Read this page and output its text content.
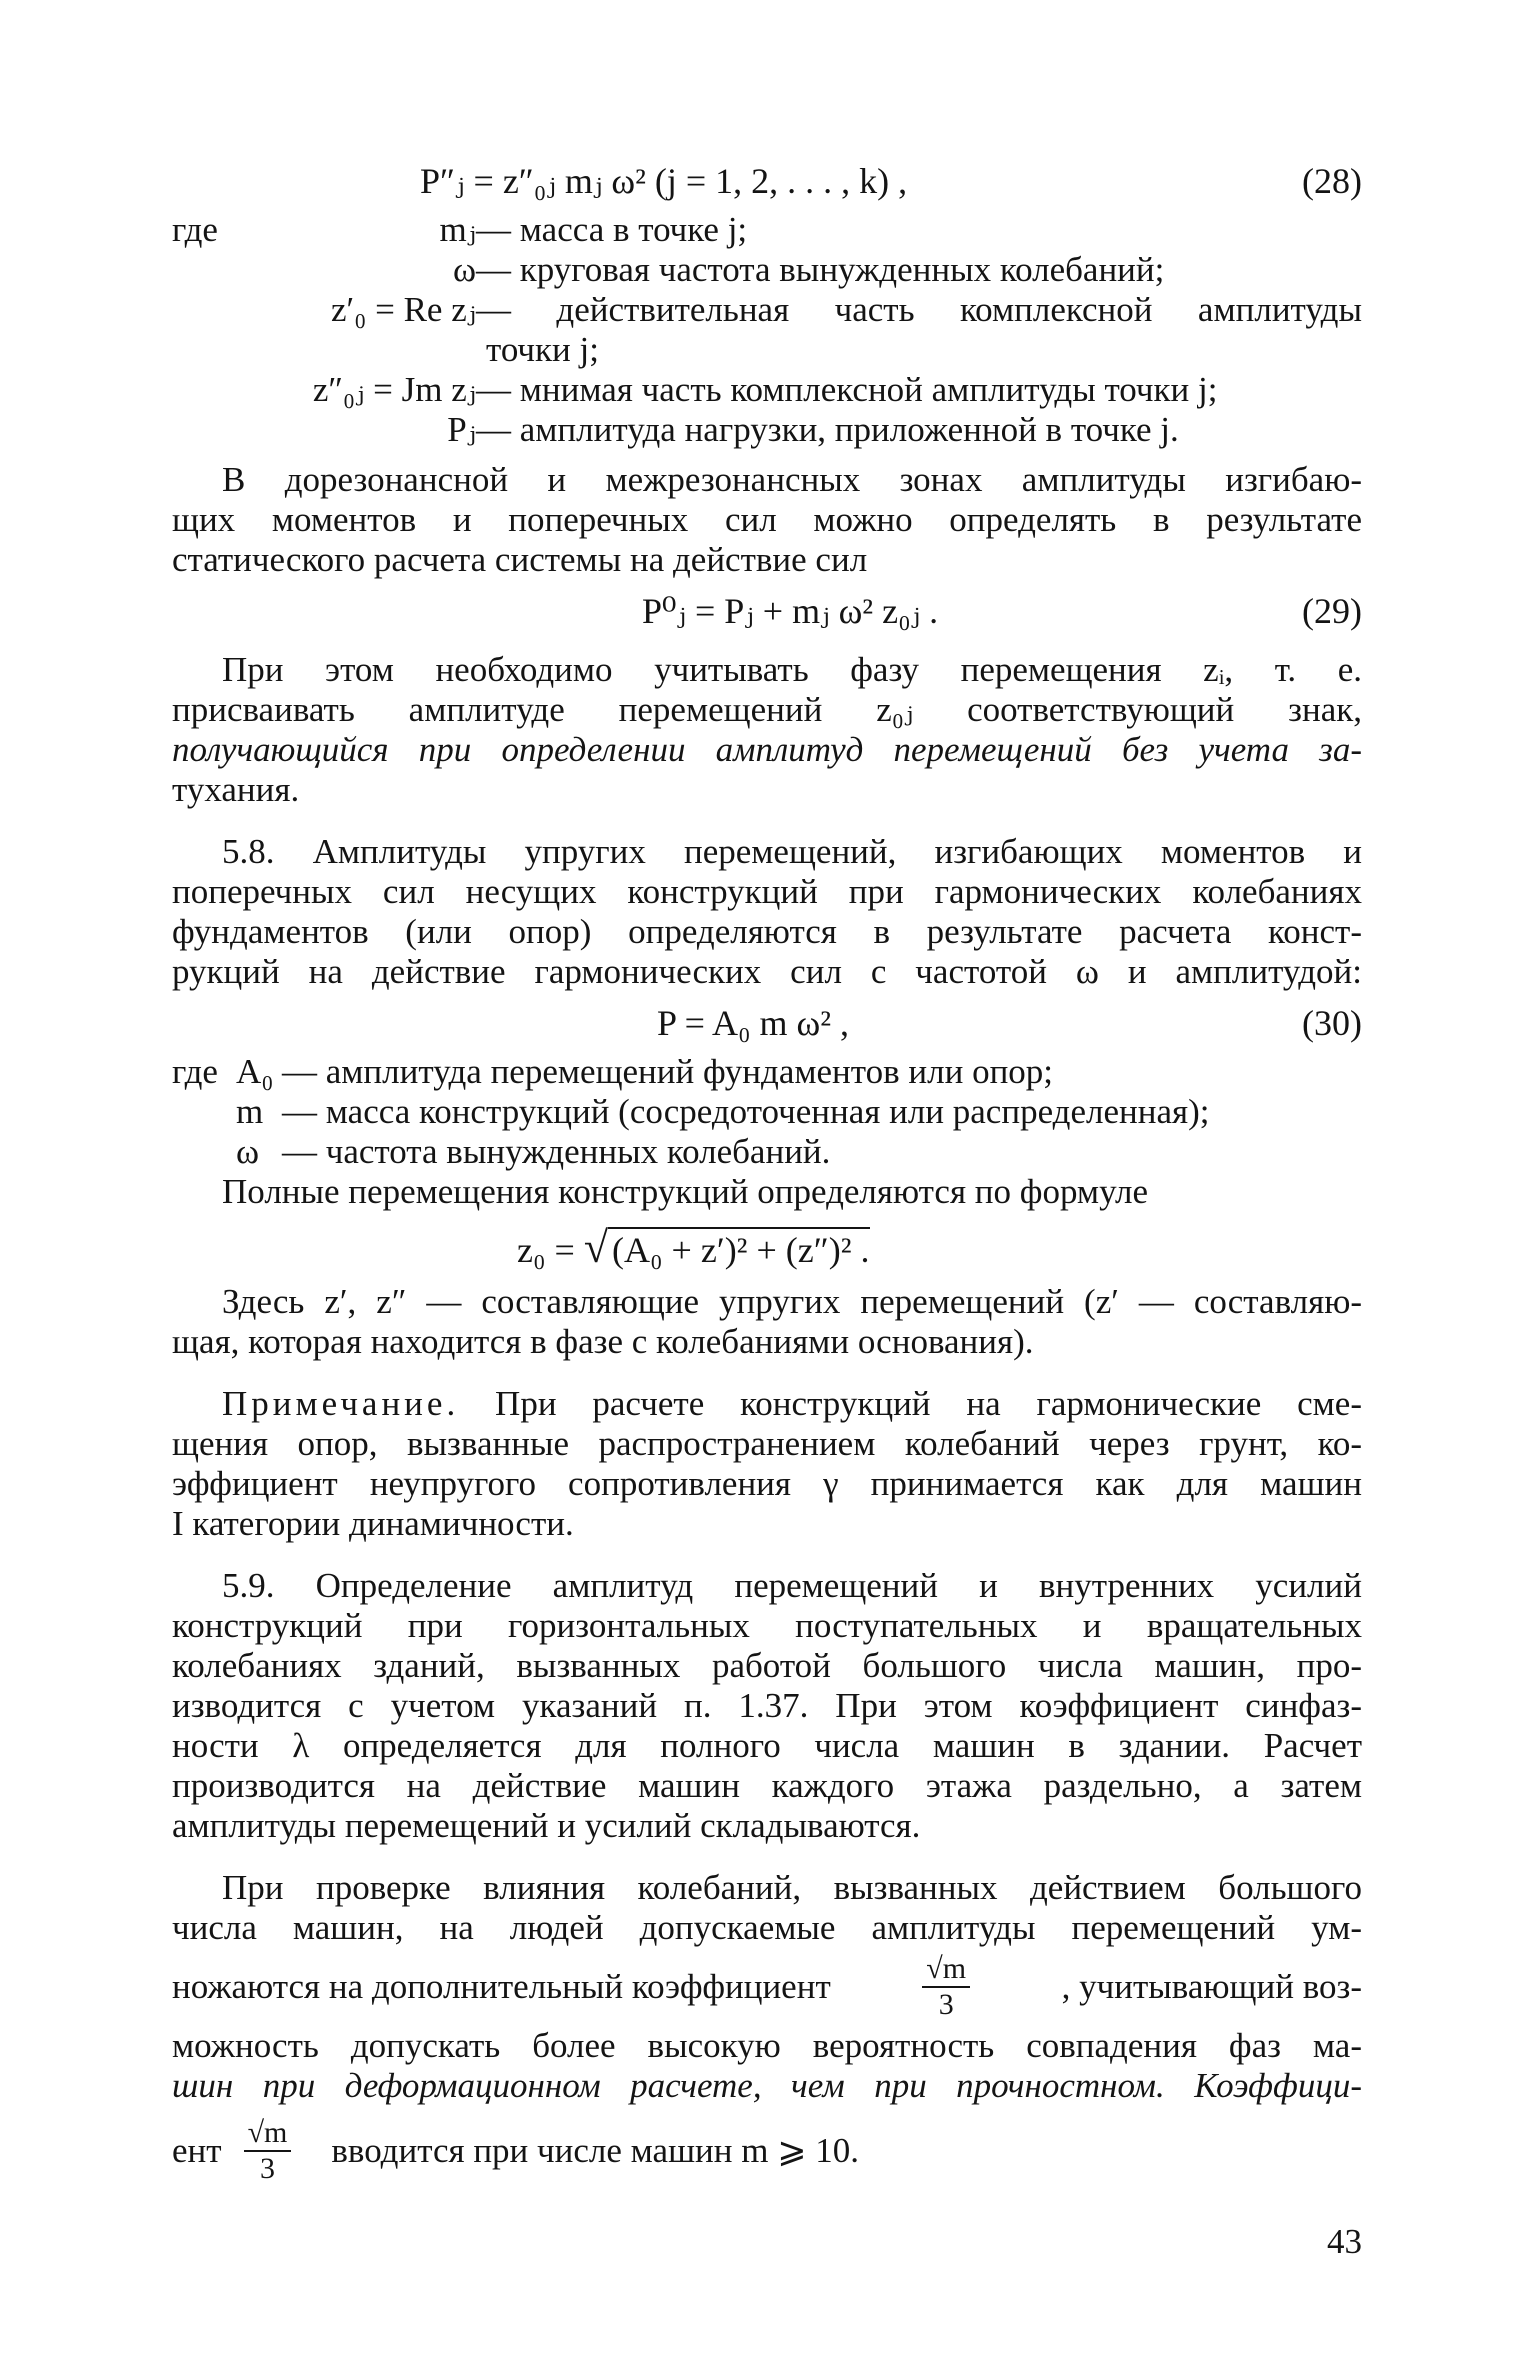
P″ⱼ = z″₀ⱼ mⱼ ω² (j = 1, 2, . . . , k) ,	(28)
где	mⱼ — масса в точке j;
ω — круговая частота вынужденных колебаний;
z′₀ = Re zⱼ — действительная часть комплексной амплитуды
точки j;
z″₀ⱼ = Jm zⱼ — мнимая часть комплексной амплитуды точки j;
Pⱼ — амплитуда нагрузки, приложенной в точке j.
В дорезонансной и межрезонансных зонах амплитуды изгибаю-
щих моментов и поперечных сил можно определять в результате
статического расчета системы на действие сил
P⁰ⱼ = Pⱼ + mⱼ ω² z₀ⱼ .	(29)
При этом необходимо учитывать фазу перемещения zᵢ, т. е.
присваивать амплитуде перемещений z₀ⱼ соответствующий знак,
получающийся при определении амплитуд перемещений без учета за-
тухания.
5.8. Амплитуды упругих перемещений, изгибающих моментов и
поперечных сил несущих конструкций при гармонических колебаниях
фундаментов (или опор) определяются в результате расчета конст-
рукций на действие гармонических сил с частотой ω и амплитудой:
P = A₀ m ω² ,	(30)
где A₀ — амплитуда перемещений фундаментов или опор;
m — масса конструкций (сосредоточенная или распределенная);
ω — частота вынужденных колебаний.
Полные перемещения конструкций определяются по формуле
z₀ = √ (A₀ + z′)² + (z″)² .
Здесь z′, z″ — составляющие упругих перемещений (z′ — составляю-
щая, которая находится в фазе с колебаниями основания).
Примечание. При расчете конструкций на гармонические сме-
щения опор, вызванные распространением колебаний через грунт, ко-
эффициент неупругого сопротивления γ принимается как для машин
I категории динамичности.
5.9. Определение амплитуд перемещений и внутренних усилий
конструкций при горизонтальных поступательных и вращательных
колебаниях зданий, вызванных работой большого числа машин, про-
изводится с учетом указаний п. 1.37. При этом коэффициент синфаз-
ности λ определяется для полного числа машин в здании. Расчет
производится на действие машин каждого этажа раздельно, а затем
амплитуды перемещений и усилий складываются.
При проверке влияния колебаний, вызванных действием большого
числа машин, на людей допускаемые амплитуды перемещений ум-
ножаются на дополнительный коэффициент	$\frac{√m}{3}$	, учитывающий воз-
можность допускать более высокую вероятность совпадения фаз ма-
шин при деформационном расчете, чем при прочностном. Коэффици-
ент $\frac{√m}{3}$ вводится при числе машин m ⩾ 10.
43
